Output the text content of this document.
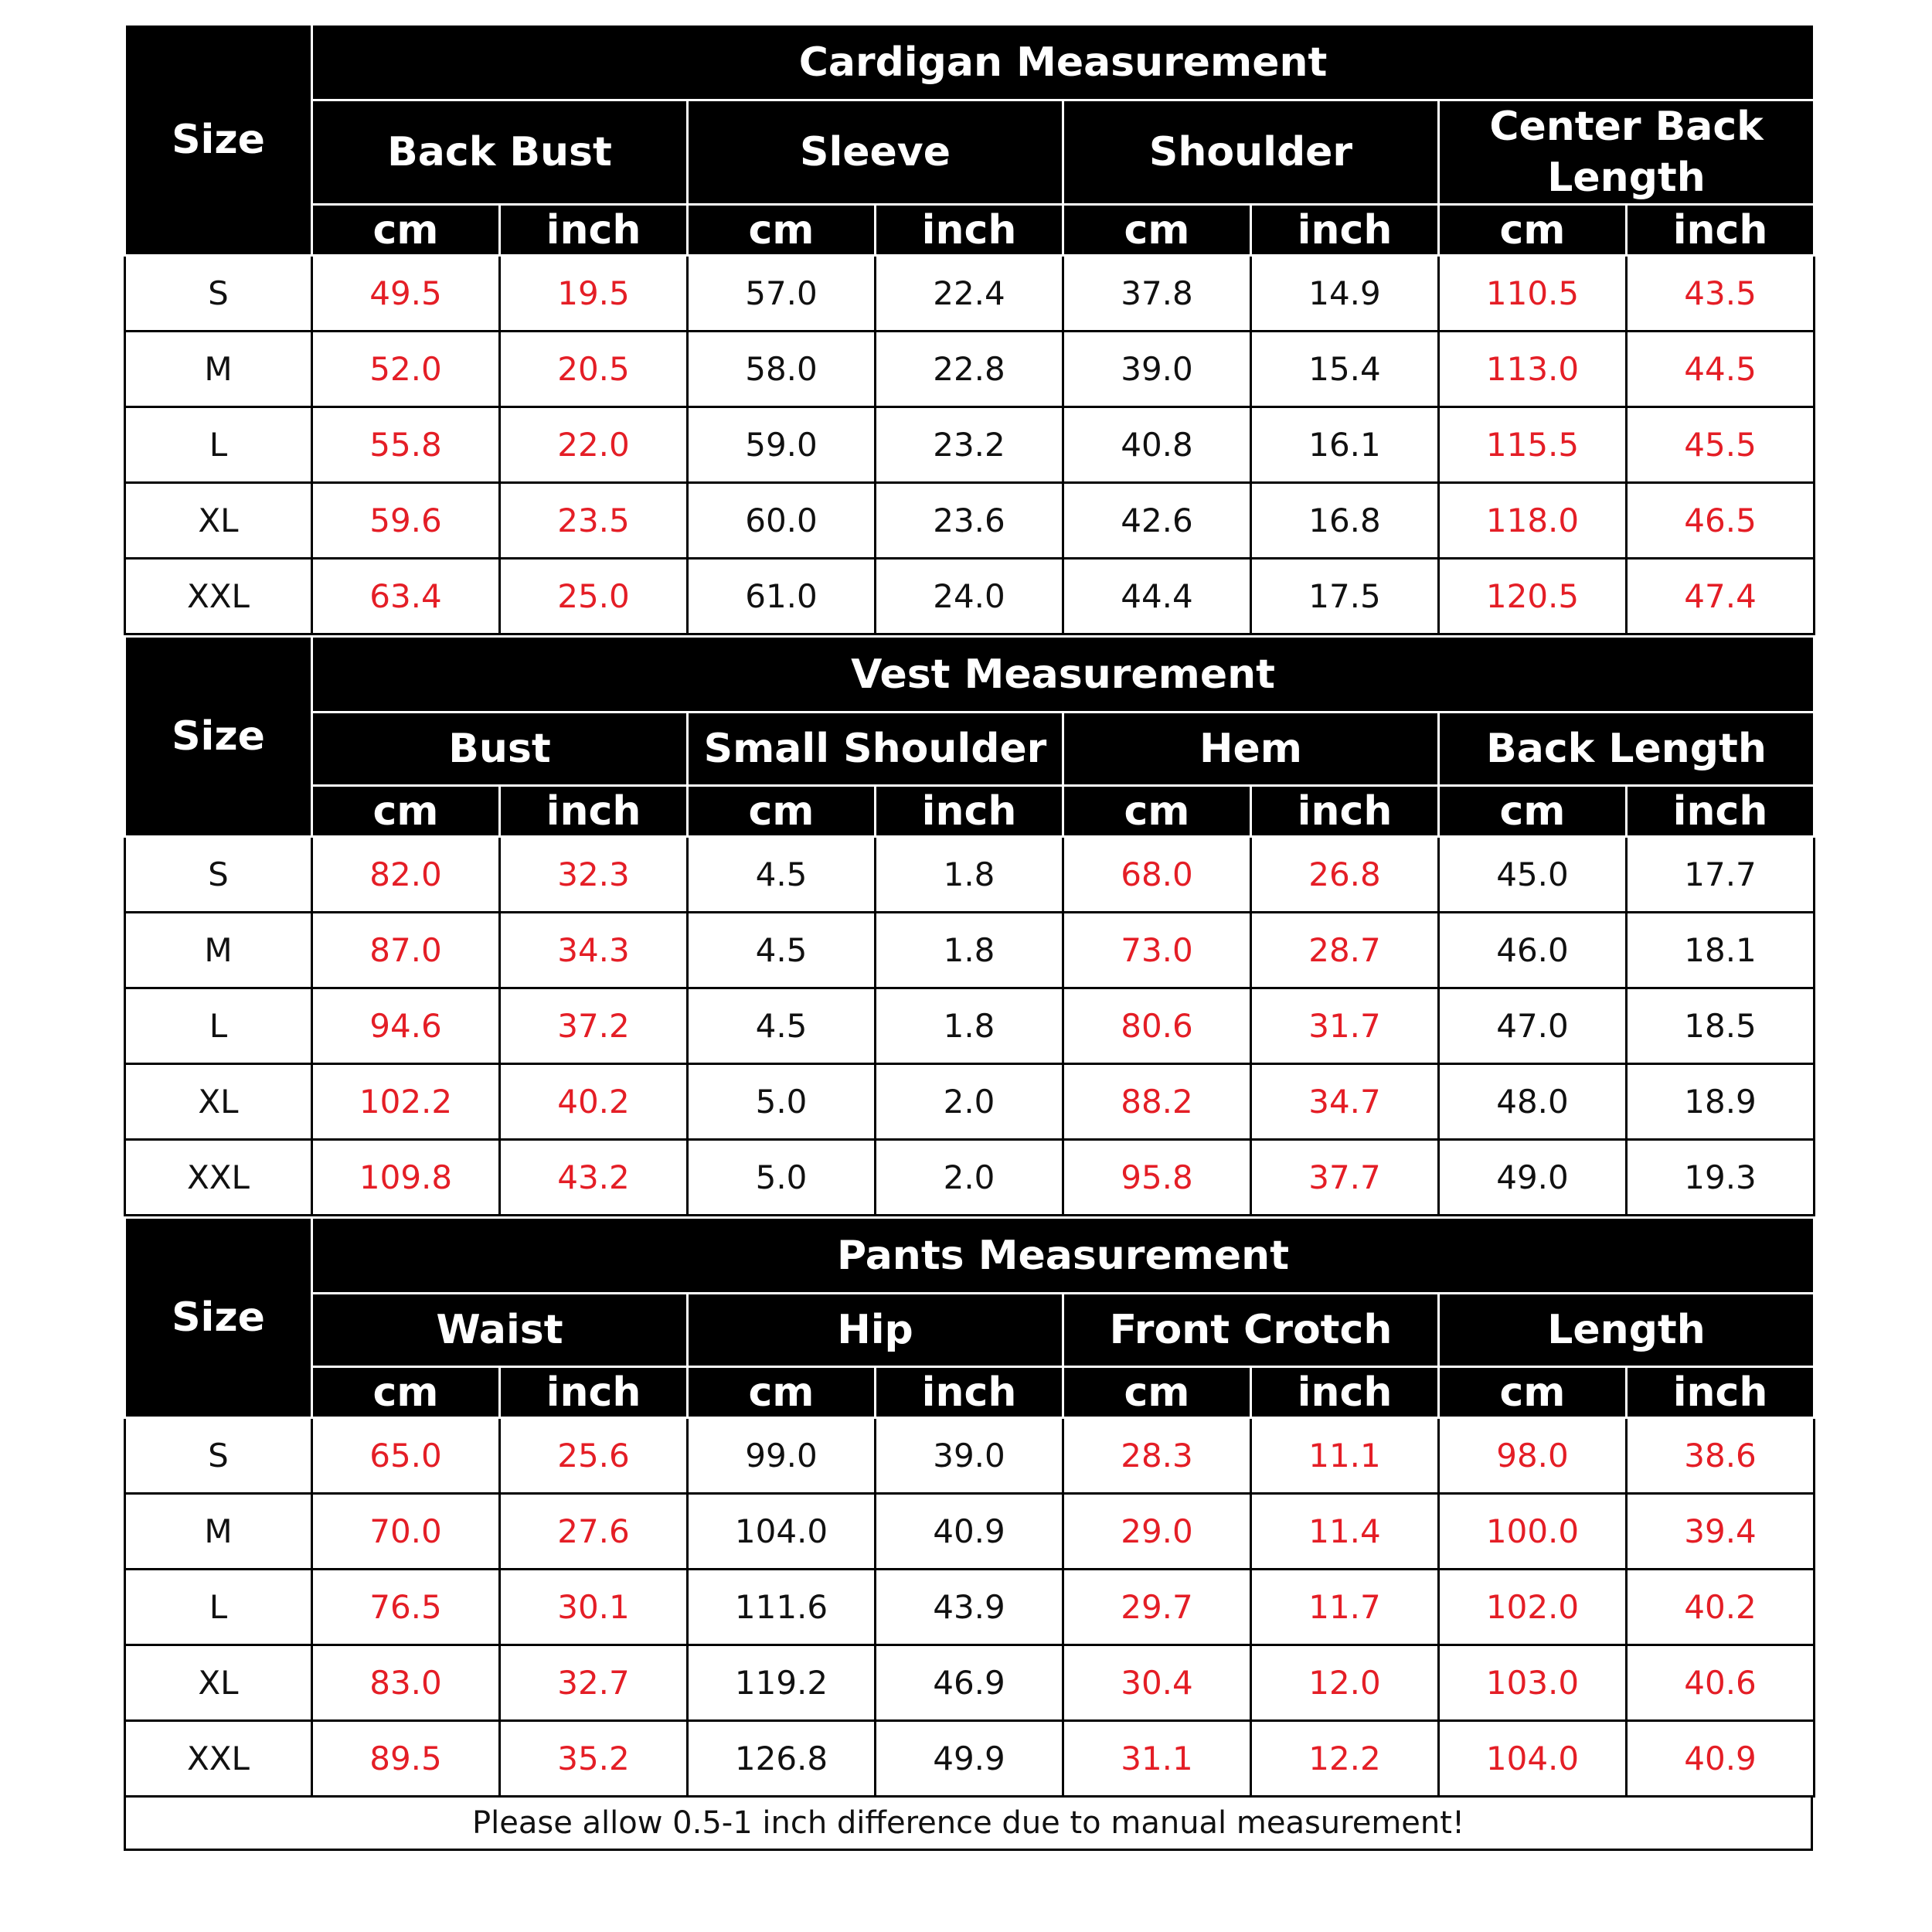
Size	Cardigan Measurement							
	Back Bust		Sleeve		Shoulder		Center Back Length	
	cm	inch	cm	inch	cm	inch	cm	inch
S	49.5	19.5	57.0	22.4	37.8	14.9	110.5	43.5
M	52.0	20.5	58.0	22.8	39.0	15.4	113.0	44.5
L	55.8	22.0	59.0	23.2	40.8	16.1	115.5	45.5
XL	59.6	23.5	60.0	23.6	42.6	16.8	118.0	46.5
XXL	63.4	25.0	61.0	24.0	44.4	17.5	120.5	47.4
Size	Vest Measurement							
	Bust		Small Shoulder		Hem		Back Length	
	cm	inch	cm	inch	cm	inch	cm	inch
S	82.0	32.3	4.5	1.8	68.0	26.8	45.0	17.7
M	87.0	34.3	4.5	1.8	73.0	28.7	46.0	18.1
L	94.6	37.2	4.5	1.8	80.6	31.7	47.0	18.5
XL	102.2	40.2	5.0	2.0	88.2	34.7	48.0	18.9
XXL	109.8	43.2	5.0	2.0	95.8	37.7	49.0	19.3
Size	Pants Measurement							
	Waist		Hip		Front Crotch		Length	
	cm	inch	cm	inch	cm	inch	cm	inch
S	65.0	25.6	99.0	39.0	28.3	11.1	98.0	38.6
M	70.0	27.6	104.0	40.9	29.0	11.4	100.0	39.4
L	76.5	30.1	111.6	43.9	29.7	11.7	102.0	40.2
XL	83.0	32.7	119.2	46.9	30.4	12.0	103.0	40.6
XXL	89.5	35.2	126.8	49.9	31.1	12.2	104.0	40.9
Please allow 0.5-1 inch difference due to manual measurement!
